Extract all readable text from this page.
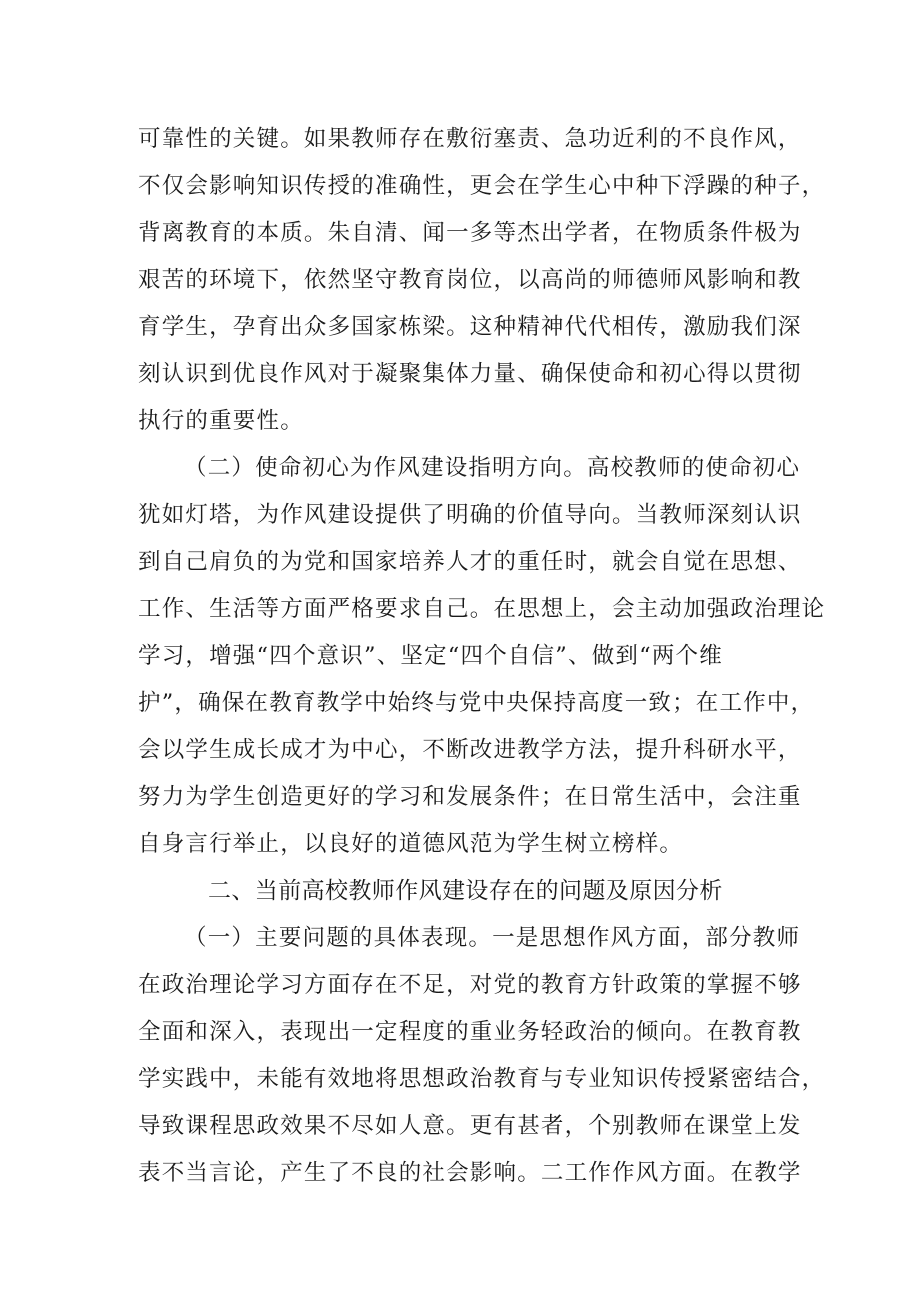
可靠性的关键。如果教师存在敷衍塞责、急功近利的不良作风，
不仅会影响知识传授的准确性，更会在学生心中种下浮躁的种子，
背离教育的本质。朱自清、闻一多等杰出学者，在物质条件极为
艰苦的环境下，依然坚守教育岗位，以高尚的师德师风影响和教
育学生，孕育出众多国家栋梁。这种精神代代相传，激励我们深
刻认识到优良作风对于凝聚集体力量、确保使命和初心得以贯彻
执行的重要性。
（二）使命初心为作风建设指明方向。高校教师的使命初心
犹如灯塔，为作风建设提供了明确的价值导向。当教师深刻认识
到自己肩负的为党和国家培养人才的重任时，就会自觉在思想、
工作、生活等方面严格要求自己。在思想上，会主动加强政治理论
学习，增强“四个意识”、坚定“四个自信”、做到“两个维
护”，确保在教育教学中始终与党中央保持高度一致；在工作中，
会以学生成长成才为中心，不断改进教学方法，提升科研水平，
努力为学生创造更好的学习和发展条件；在日常生活中，会注重
自身言行举止，以良好的道德风范为学生树立榜样。
二、当前高校教师作风建设存在的问题及原因分析
（一）主要问题的具体表现。一是思想作风方面，部分教师
在政治理论学习方面存在不足，对党的教育方针政策的掌握不够
全面和深入，表现出一定程度的重业务轻政治的倾向。在教育教
学实践中，未能有效地将思想政治教育与专业知识传授紧密结合，
导致课程思政效果不尽如人意。更有甚者，个别教师在课堂上发
表不当言论，产生了不良的社会影响。二工作作风方面。在教学
